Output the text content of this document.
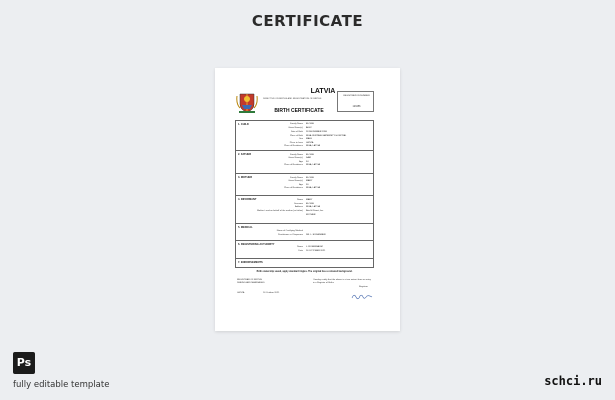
CERTIFICATE
LATVIA
DIRECTIVE ON BIRTHS AND REGISTRATION OF BIRTHS
REGISTRATION NUMBER
123456
BIRTH CERTIFICATE
1. CHILD	Family Name ELOISE
Given Name(s) ALEX
Date of Birth 28 DECEMBER 1990
Place of Birth RIGA CENTRAL MATERNITY HOSPITAL
Sex MALE
Place to have LATVIA
Place of Residence RIGA, LATVIA
2. FATHER	Family Name ELOISE
Given Name(s) SAM
Age 34
Place of Residence RIGA, LATVIA
3. MOTHER	Family Name ELOISE
Given Name(s) MARY
Age 30
Place of Residence RIGA, LATVIA
4. INFORMANT	Name MARY
Surname ELOISE
Address RIGA, LATVIA
Mother's and on behalf of the mother (or father) Brief & Direct, Inc.
MOTHER
5. MEDICAL
Name of Certifying Medical
Practitioner or Chaperone DR. L. EICHENBER
6. REGISTERING AUTHORITY
Name L. ROSENBAUM
Date 16 OCTOBER 2021
7. ENDORSEMENTS
Birth ownership saved, apply standard tingles. The original has a coloured background.
REGISTRAR OF BIRTHS
DEATHS AND MARRIAGES
I hereby certify that the above is a true extract from an entry
in a Register of Births
Registrar
LATVIA	16 October 2021
Ps
fully editable template	schci.ru
